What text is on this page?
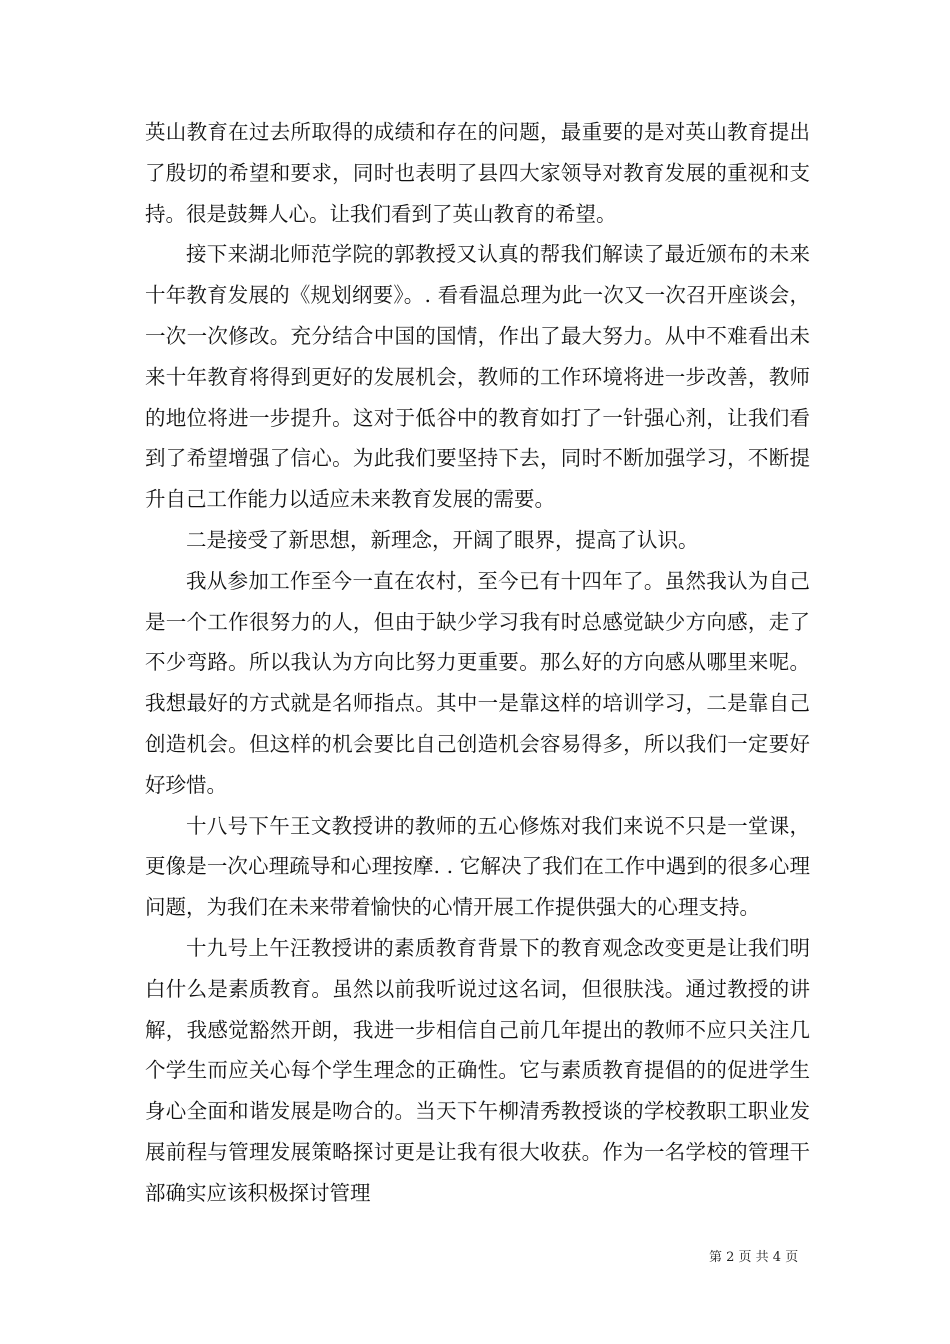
英山教育在过去所取得的成绩和存在的问题，最重要的是对英山教育提出了殷切的希望和要求，同时也表明了县四大家领导对教育发展的重视和支持。很是鼓舞人心。让我们看到了英山教育的希望。

接下来湖北师范学院的郭教授又认真的帮我们解读了最近颁布的未来十年教育发展的《规划纲要》。. 看看温总理为此一次又一次召开座谈会，一次一次修改。充分结合中国的国情，作出了最大努力。从中不难看出未来十年教育将得到更好的发展机会，教师的工作环境将进一步改善，教师的地位将进一步提升。这对于低谷中的教育如打了一针强心剂，让我们看到了希望增强了信心。为此我们要坚持下去，同时不断加强学习，不断提升自己工作能力以适应未来教育发展的需要。

二是接受了新思想，新理念，开阔了眼界，提高了认识。

我从参加工作至今一直在农村，至今已有十四年了。虽然我认为自己是一个工作很努力的人，但由于缺少学习我有时总感觉缺少方向感，走了不少弯路。所以我认为方向比努力更重要。那么好的方向感从哪里来呢。我想最好的方式就是名师指点。其中一是靠这样的培训学习，二是靠自己创造机会。但这样的机会要比自己创造机会容易得多，所以我们一定要好好珍惜。

十八号下午王文教授讲的教师的五心修炼对我们来说不只是一堂课，更像是一次心理疏导和心理按摩. . 它解决了我们在工作中遇到的很多心理问题，为我们在未来带着愉快的心情开展工作提供强大的心理支持。

十九号上午汪教授讲的素质教育背景下的教育观念改变更是让我们明白什么是素质教育。虽然以前我听说过这名词，但很肤浅。通过教授的讲解，我感觉豁然开朗，我进一步相信自己前几年提出的教师不应只关注几个学生而应关心每个学生理念的正确性。它与素质教育提倡的的促进学生身心全面和谐发展是吻合的。当天下午柳清秀教授谈的学校教职工职业发展前程与管理发展策略探讨更是让我有很大收获。作为一名学校的管理干部确实应该积极探讨管理

第 2 页 共 4 页
